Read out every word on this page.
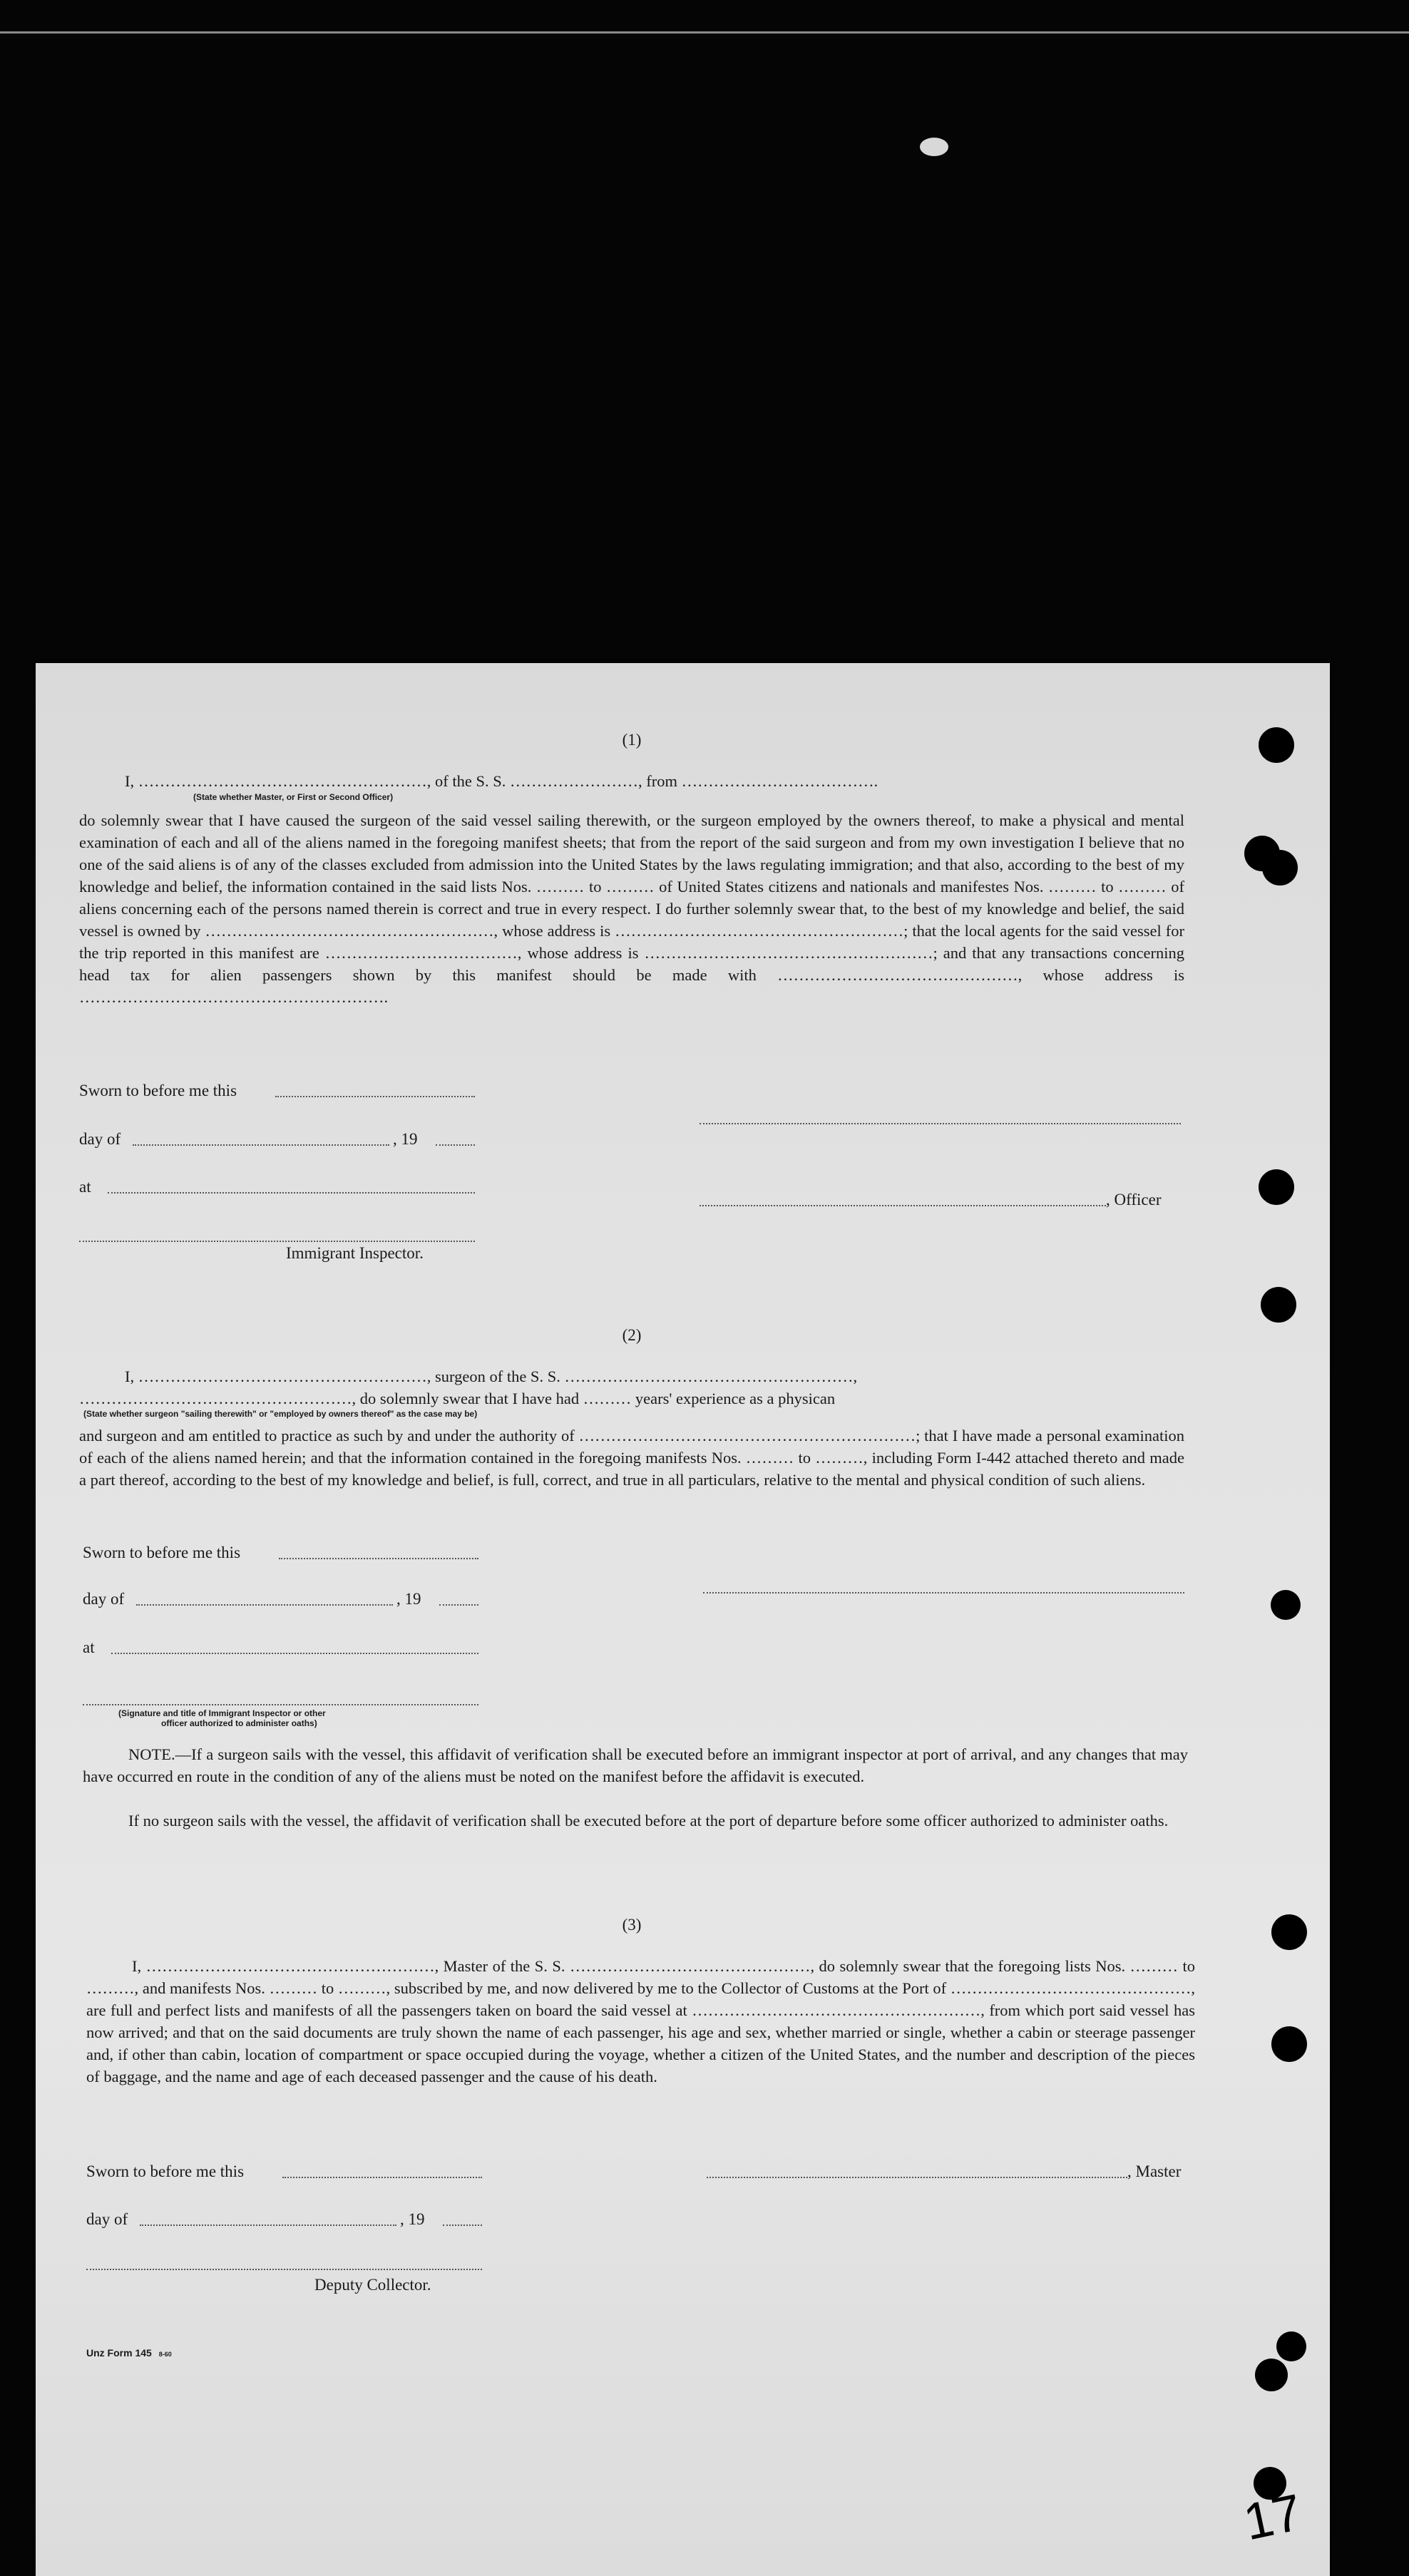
(1)

I, ………………………………………………, of the S. S. ……………………, from ……………………………….

(State whether Master, or First or Second Officer)

do solemnly swear that I have caused the surgeon of the said vessel sailing therewith, or the surgeon employed by the owners thereof, to make a physical and mental examination of each and all of the aliens named in the foregoing manifest sheets; that from the report of the said surgeon and from my own investigation I believe that no one of the said aliens is of any of the classes excluded from admission into the United States by the laws regulating immigration; and that also, according to the best of my knowledge and belief, the information contained in the said lists Nos. ……… to ……… of United States citizens and nationals and manifestes Nos. ……… to ……… of aliens concerning each of the persons named therein is correct and true in every respect. I do further solemnly swear that, to the best of my knowledge and belief, the said vessel is owned by ………………………………………………, whose address is ………………………………………………; that the local agents for the said vessel for the trip reported in this manifest are ………………………………, whose address is ………………………………………………; and that any transactions concerning head tax for alien passengers shown by this manifest should be made with ………………………………………, whose address is ………………………………………………….

Sworn to before me this
day of	, 19
at
, Officer
Immigrant Inspector.
(2)

I, ………………………………………………, surgeon of the S. S. ………………………………………………,

……………………………………………, do solemnly swear that I have had ……… years' experience as a physican

(State whether surgeon "sailing therewith" or "employed by owners thereof" as the case may be)

and surgeon and am entitled to practice as such by and under the authority of ………………………………………………………; that I have made a personal examination of each of the aliens named herein; and that the information contained in the foregoing manifests Nos. ……… to ………, including Form I-442 attached thereto and made a part thereof, according to the best of my knowledge and belief, is full, correct, and true in all particulars, relative to the mental and physical condition of such aliens.

Sworn to before me this
day of	, 19
at
(Signature and title of Immigrant Inspector or other
officer authorized to administer oaths)

NOTE.—If a surgeon sails with the vessel, this affidavit of verification shall be executed before an immigrant inspector at port of arrival, and any changes that may have occurred en route in the condition of any of the aliens must be noted on the manifest before the affidavit is executed.

If no surgeon sails with the vessel, the affidavit of verification shall be executed before at the port of departure before some officer authorized to administer oaths.

(3)

I, ………………………………………………, Master of the S. S. ………………………………………, do solemnly swear that the foregoing lists Nos. ……… to ………, and manifests Nos. ……… to ………, subscribed by me, and now delivered by me to the Collector of Customs at the Port of ………………………………………, are full and perfect lists and manifests of all the passengers taken on board the said vessel at ………………………………………………, from which port said vessel has now arrived; and that on the said documents are truly shown the name of each passenger, his age and sex, whether married or single, whether a cabin or steerage passenger and, if other than cabin, location of compartment or space occupied during the voyage, whether a citizen of the United States, and the number and description of the pieces of baggage, and the name and age of each deceased passenger and the cause of his death.

Sworn to before me this	, Master
day of	, 19
Deputy Collector.
Unz Form 145 8-60
17
